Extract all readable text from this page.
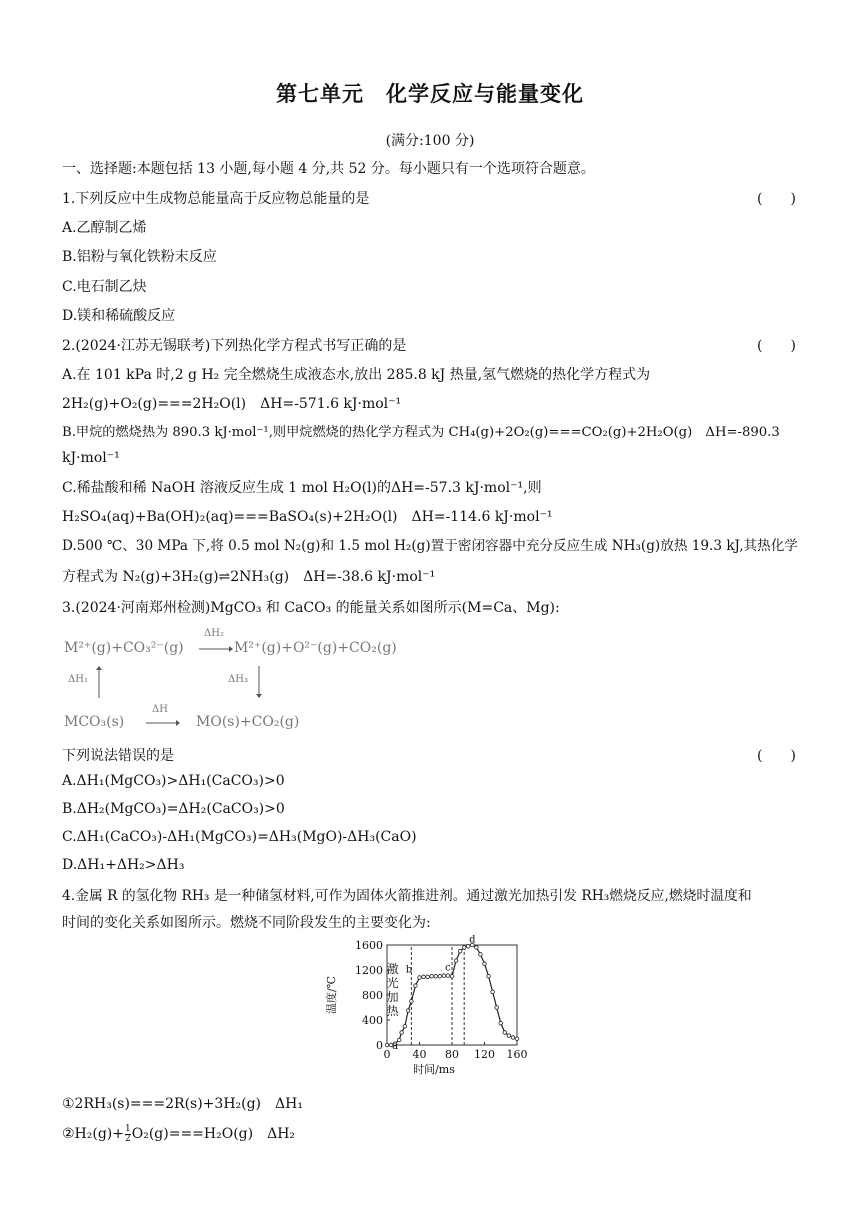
第七单元　化学反应与能量变化
(满分:100 分)
一、选择题:本题包括 13 小题,每小题 4 分,共 52 分。每小题只有一个选项符合题意。
1.下列反应中生成物总能量高于反应物总能量的是	(　　)
A.乙醇制乙烯
B.铝粉与氧化铁粉末反应
C.电石制乙炔
D.镁和稀硫酸反应
2.(2024·江苏无锡联考)下列热化学方程式书写正确的是	(　　)
A.在 101 kPa 时,2 g H₂ 完全燃烧生成液态水,放出 285.8 kJ 热量,氢气燃烧的热化学方程式为
2H₂(g)+O₂(g)===2H₂O(l)　ΔH=-571.6 kJ·mol⁻¹
B.甲烷的燃烧热为 890.3 kJ·mol⁻¹,则甲烷燃烧的热化学方程式为 CH₄(g)+2O₂(g)===CO₂(g)+2H₂O(g)　ΔH=-890.3
kJ·mol⁻¹
C.稀盐酸和稀 NaOH 溶液反应生成 1 mol H₂O(l)的ΔH=-57.3 kJ·mol⁻¹,则
H₂SO₄(aq)+Ba(OH)₂(aq)===BaSO₄(s)+2H₂O(l)　ΔH=-114.6 kJ·mol⁻¹
D.500 ℃、30 MPa 下,将 0.5 mol N₂(g)和 1.5 mol H₂(g)置于密闭容器中充分反应生成 NH₃(g)放热 19.3 kJ,其热化学
方程式为 N₂(g)+3H₂(g)⇌2NH₃(g)　ΔH=-38.6 kJ·mol⁻¹
3.(2024·河南郑州检测)MgCO₃ 和 CaCO₃ 的能量关系如图所示(M=Ca、Mg):
M²⁺(g)+CO₃²⁻(g)
ΔH₂
M²⁺(g)+O²⁻(g)+CO₂(g)
ΔH₁	ΔH₃
MCO₃(s)
ΔH
MO(s)+CO₂(g)
下列说法错误的是	(　　)
A.ΔH₁(MgCO₃)>ΔH₁(CaCO₃)>0
B.ΔH₂(MgCO₃)=ΔH₂(CaCO₃)>0
C.ΔH₁(CaCO₃)-ΔH₁(MgCO₃)=ΔH₃(MgO)-ΔH₃(CaO)
D.ΔH₁+ΔH₂>ΔH₃
4.金属 R 的氢化物 RH₃ 是一种储氢材料,可作为固体火箭推进剂。通过激光加热引发 RH₃燃烧反应,燃烧时温度和
时间的变化关系如图所示。燃烧不同阶段发生的主要变化为:
0
400
800
1200
1600
0 40 80 120 160
时间/ms
温度/℃
a
b	c
d
激
光
加
热
①2RH₃(s)===2R(s)+3H₂(g)　ΔH₁
②H₂(g)+ $\frac{1}{2} O_2(g)===H_2O(g)$　ΔH₂
